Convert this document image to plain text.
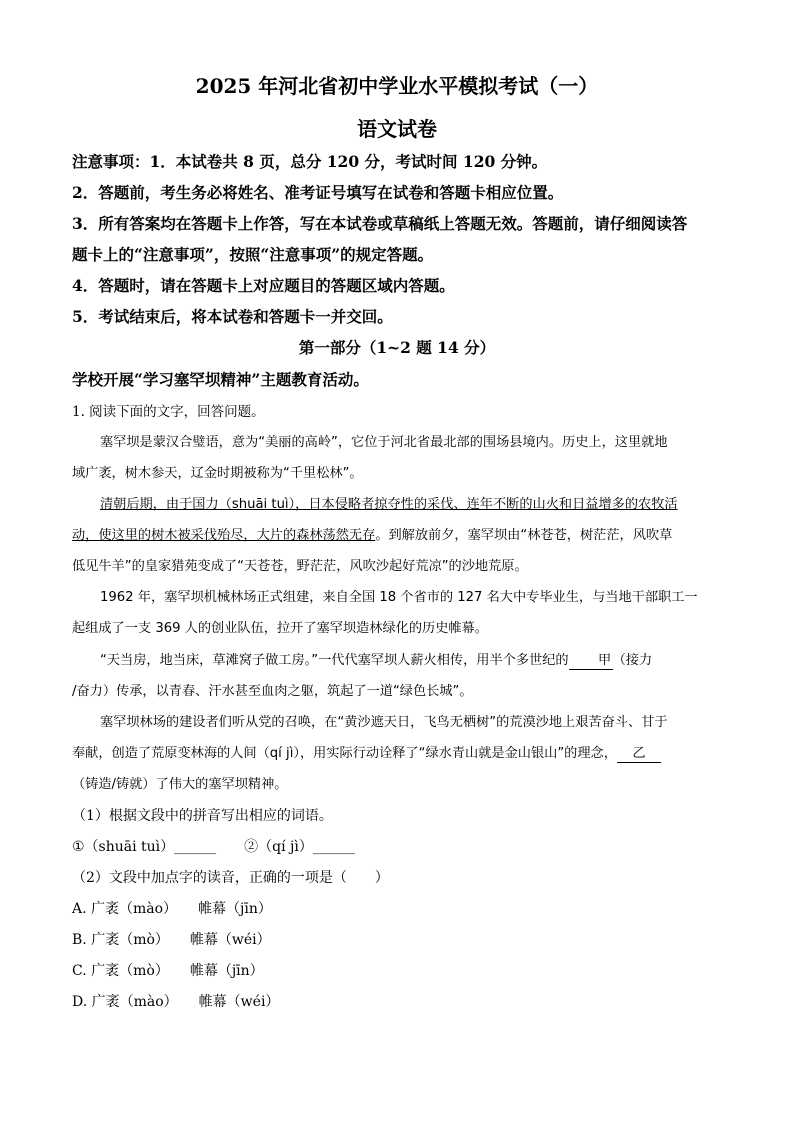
2025 年河北省初中学业水平模拟考试（一）
语文试卷
注意事项：1．本试卷共 8 页，总分 120 分，考试时间 120 分钟。
2．答题前，考生务必将姓名、准考证号填写在试卷和答题卡相应位置。
3．所有答案均在答题卡上作答，写在本试卷或草稿纸上答题无效。答题前，请仔细阅读答
题卡上的“注意事项”，按照“注意事项”的规定答题。
4．答题时，请在答题卡上对应题目的答题区域内答题。
5．考试结束后，将本试卷和答题卡一并交回。
第一部分（1~2 题 14 分）
学校开展“学习塞罕坝精神”主题教育活动。
1. 阅读下面的文字，回答问题。
塞罕坝是蒙汉合璧语，意为“美丽的高岭”，它位于河北省最北部的围场县境内。历史上，这里就地
域广袤，树木参天，辽金时期被称为“千里松林”。
清朝后期，由于国力（shuāi tuì），日本侵略者掠夺性的采伐、连年不断的山火和日益增多的农牧活
动，使这里的树木被采伐殆尽，大片的森林荡然无存。到解放前夕，塞罕坝由“林苍苍，树茫茫，风吹草
低见牛羊”的皇家猎苑变成了“天苍苍，野茫茫，风吹沙起好荒凉”的沙地荒原。
1962 年，塞罕坝机械林场正式组建，来自全国 18 个省市的 127 名大中专毕业生，与当地干部职工一
起组成了一支 369 人的创业队伍，拉开了塞罕坝造林绿化的历史帷幕。
“天当房，地当床，草滩窝子做工房。”一代代塞罕坝人薪火相传，用半个多世纪的 甲（接力
/奋力）传承，以青春、汗水甚至血肉之躯，筑起了一道“绿色长城”。
塞罕坝林场的建设者们听从党的召唤，在“黄沙遮天日，飞鸟无栖树”的荒漠沙地上艰苦奋斗、甘于
奉献，创造了荒原变林海的人间（qí jì），用实际行动诠释了“绿水青山就是金山银山”的理念， 乙
（铸造/铸就）了伟大的塞罕坝精神。
（1）根据文段中的拼音写出相应的词语。
①（shuāi tuì）______　　②（qí jì）______
（2）文段中加点字的读音，正确的一项是（　　）
A. 广袤（mào）　　帷幕（jīn）
B. 广袤（mò）　　帷幕（wéi）
C. 广袤（mò）　　帷幕（jīn）
D. 广袤（mào）　　帷幕（wéi）
